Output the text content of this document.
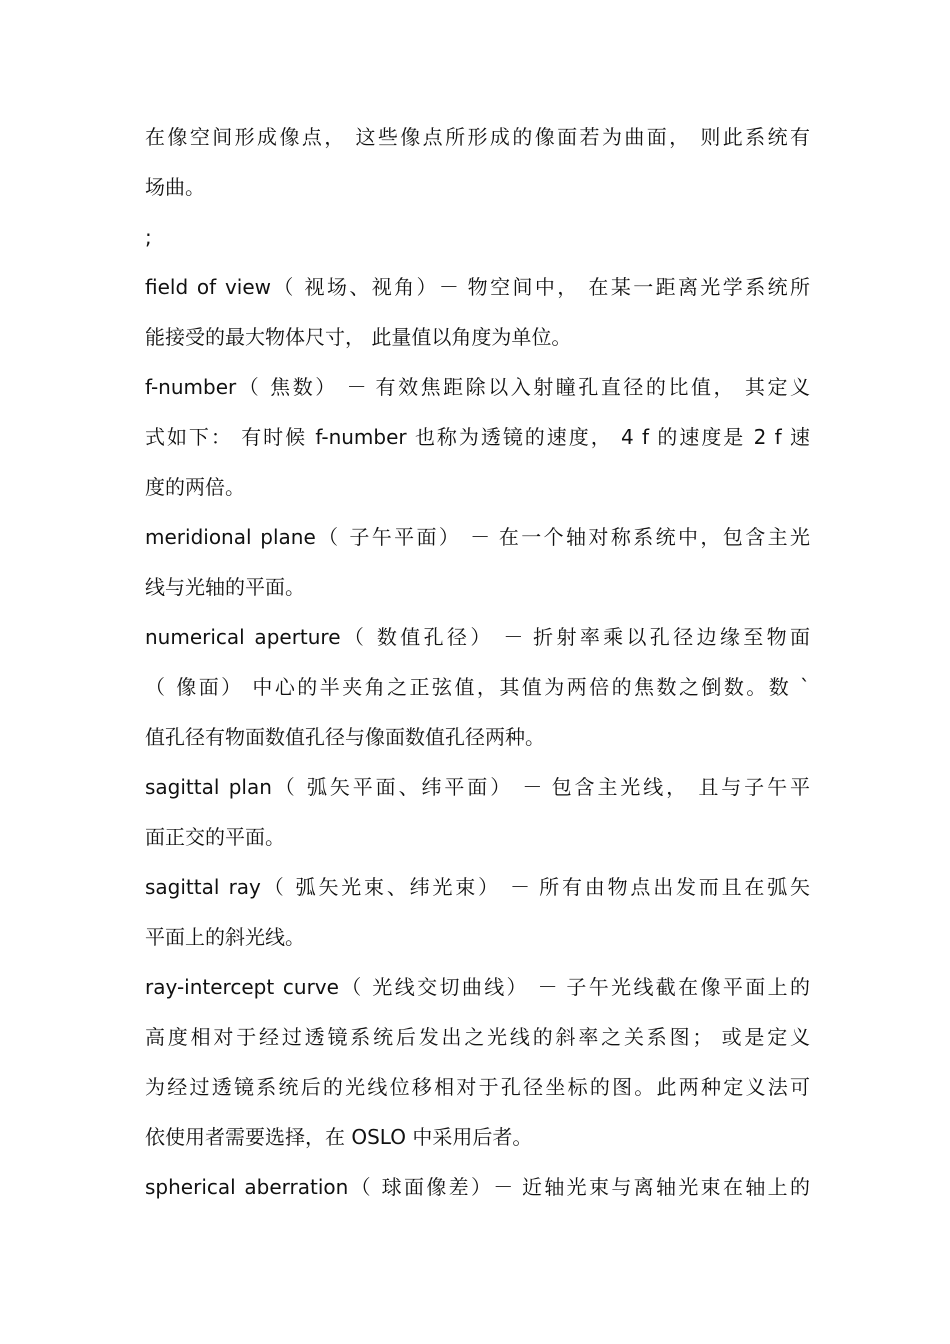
在像空间形成像点， 这些像点所形成的像面若为曲面， 则此系统有
场曲。
;
field of view（ 视场、视角）－ 物空间中， 在某一距离光学系统所
能接受的最大物体尺寸， 此量值以角度为单位。
f-number（ 焦数） － 有效焦距除以入射瞳孔直径的比值， 其定义
式如下： 有时候 f-number 也称为透镜的速度， 4 f 的速度是 2 f 速
度的两倍。
meridional plane（ 子午平面） － 在一个轴对称系统中，包含主光
线与光轴的平面。
numerical aperture（ 数值孔径） － 折射率乘以孔径边缘至物面
（ 像面） 中心的半夹角之正弦值，其值为两倍的焦数之倒数。数 `
值孔径有物面数值孔径与像面数值孔径两种。
sagittal plan（ 弧矢平面、纬平面） － 包含主光线， 且与子午平
面正交的平面。
sagittal ray（ 弧矢光束、纬光束） － 所有由物点出发而且在弧矢
平面上的斜光线。
ray-intercept curve（ 光线交切曲线） － 子午光线截在像平面上的
高度相对于经过透镜系统后发出之光线的斜率之关系图； 或是定义
为经过透镜系统后的光线位移相对于孔径坐标的图。此两种定义法可
依使用者需要选择，在 OSLO 中采用后者。
spherical aberration（ 球面像差）－ 近轴光束与离轴光束在轴上的
